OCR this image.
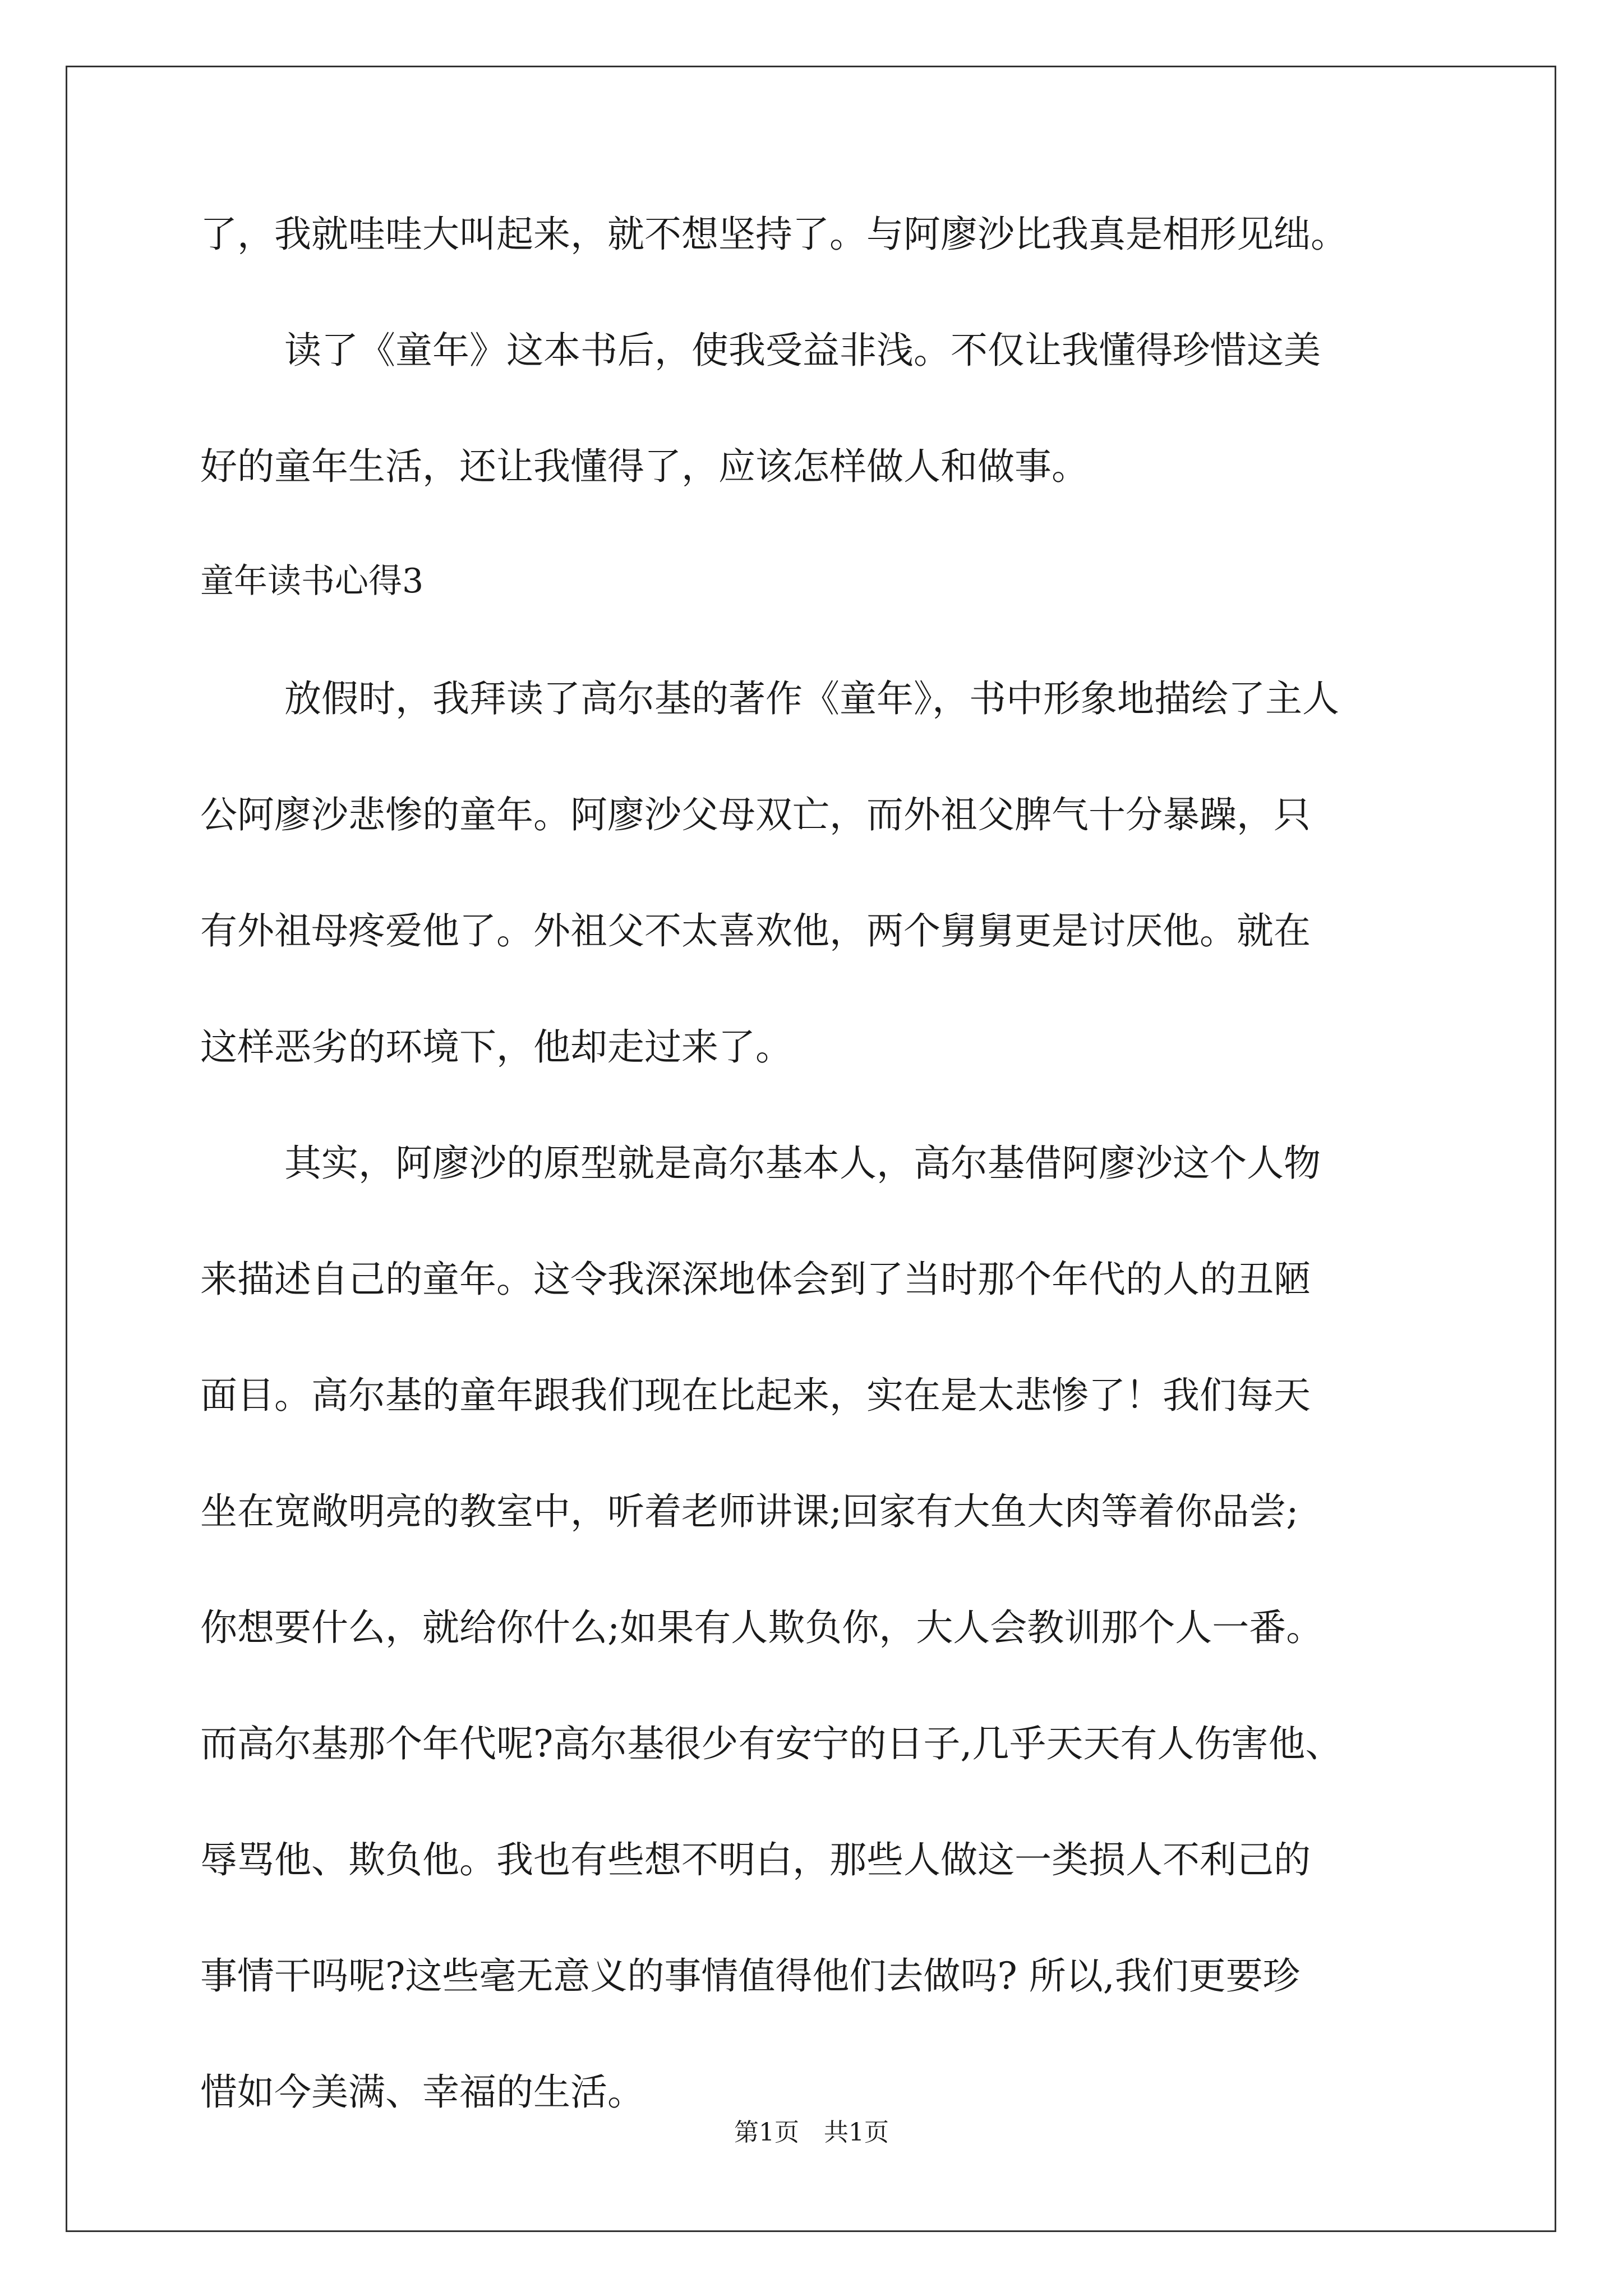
了，我就哇哇大叫起来，就不想坚持了。与阿廖沙比我真是相形见绌。
读了《童年》这本书后，使我受益非浅。不仅让我懂得珍惜这美
好的童年生活，还让我懂得了，应该怎样做人和做事。
童年读书心得3
放假时，我拜读了高尔基的著作《童年》，书中形象地描绘了主人
公阿廖沙悲惨的童年。阿廖沙父母双亡，而外祖父脾气十分暴躁，只
有外祖母疼爱他了。外祖父不太喜欢他，两个舅舅更是讨厌他。就在
这样恶劣的环境下，他却走过来了。
其实，阿廖沙的原型就是高尔基本人，高尔基借阿廖沙这个人物
来描述自己的童年。这令我深深地体会到了当时那个年代的人的丑陋
面目。高尔基的童年跟我们现在比起来，实在是太悲惨了！我们每天
坐在宽敞明亮的教室中，听着老师讲课;回家有大鱼大肉等着你品尝;
你想要什么，就给你什么;如果有人欺负你，大人会教训那个人一番。
而高尔基那个年代呢?高尔基很少有安宁的日子,几乎天天有人伤害他、
辱骂他、欺负他。我也有些想不明白，那些人做这一类损人不利己的
事情干吗呢?这些毫无意义的事情值得他们去做吗? 所以,我们更要珍
惜如今美满、幸福的生活。
第1页　共1页
